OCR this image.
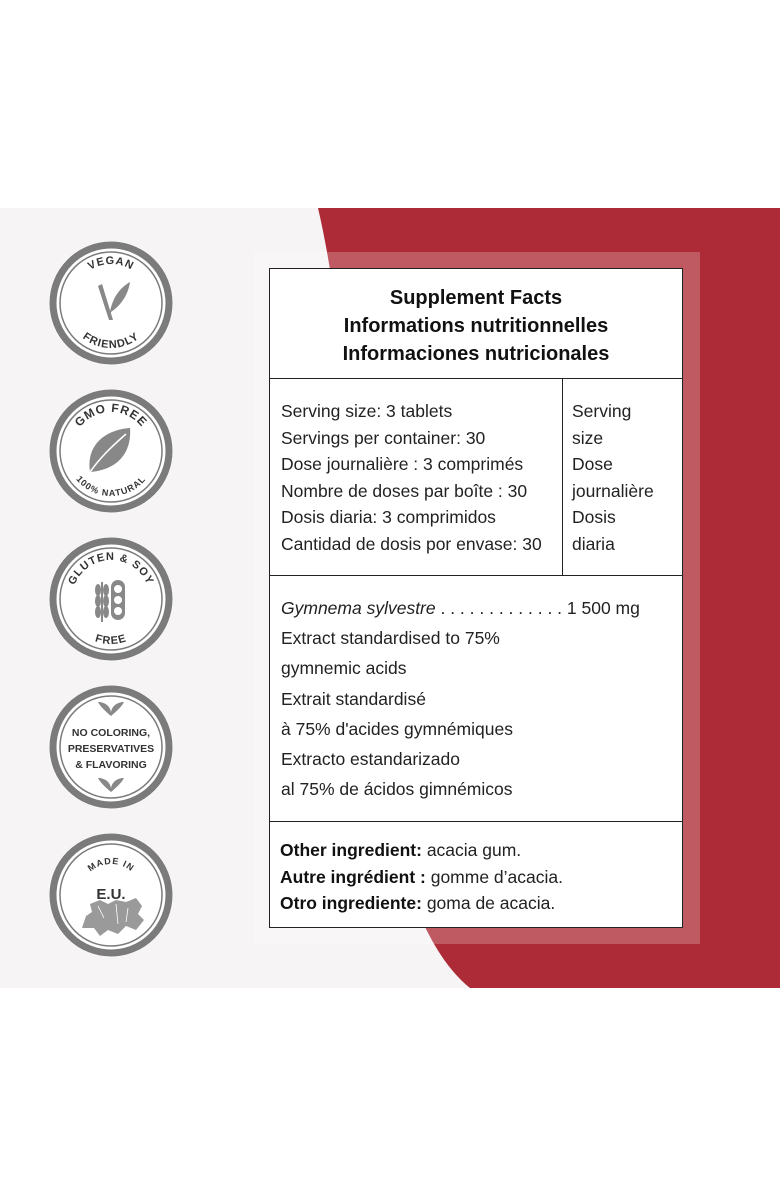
VEGAN
FRIENDLY
GMO FREE
100% NATURAL
GLUTEN & SOY
FREE
NO COLORING,
PRESERVATIVES
& FLAVORING
MADE IN
E.U.
Supplement Facts
Informations nutritionnelles
Informaciones nutricionales
Serving size: 3 tablets
Servings per container: 30
Dose journalière : 3 comprimés
Nombre de doses par boîte : 30
Dosis diaria: 3 comprimidos
Cantidad de dosis por envase: 30
Serving
size
Dose
journalière
Dosis
diaria
Gymnema sylvestre . . . . . . . . . . . . . 1 500 mg
Extract standardised to 75%
gymnemic acids
Extrait standardisé
à 75% d'acides gymnémiques
Extracto estandarizado
al 75% de ácidos gimnémicos
Other ingredient: acacia gum.
Autre ingrédient : gomme d’acacia.
Otro ingrediente: goma de acacia.
